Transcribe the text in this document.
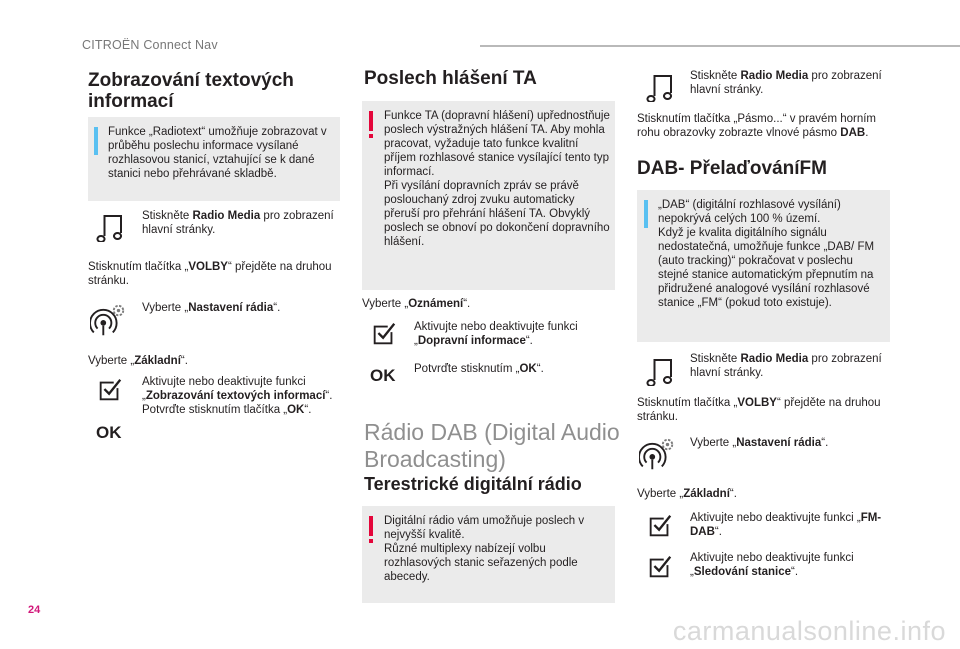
CITROËN Connect Nav
Zobrazování textových
informací
Funkce „Radiotext“ umožňuje zobrazovat v průběhu poslechu informace vysílané rozhlasovou stanicí, vztahující se k dané stanici nebo přehrávané skladbě.
Stiskněte Radio Media pro zobrazení hlavní stránky.
Stisknutím tlačítka „VOLBY“ přejděte na druhou stránku.
Vyberte „Nastavení rádia“.
Vyberte „Základní“.
Aktivujte nebo deaktivujte funkci „Zobrazování textových informací“.
Potvrďte stisknutím tlačítka „OK“.
OK
Poslech hlášení TA
Funkce TA (dopravní hlášení) upřednostňuje poslech výstražných hlášení TA. Aby mohla pracovat, vyžaduje tato funkce kvalitní příjem rozhlasové stanice vysílající tento typ informací.
Při vysílání dopravních zpráv se právě poslouchaný zdroj zvuku automaticky přeruší pro přehrání hlášení TA. Obvyklý poslech se obnoví po dokončení dopravního hlášení.
Vyberte „Oznámení“.
Aktivujte nebo deaktivujte funkci „Dopravní informace“.
OK Potvrďte stisknutím „OK“.
Rádio DAB (Digital Audio
Broadcasting)
Terestrické digitální rádio
Digitální rádio vám umožňuje poslech v nejvyšší kvalitě.
Různé multiplexy nabízejí volbu rozhlasových stanic seřazených podle abecedy.
Stiskněte Radio Media pro zobrazení hlavní stránky.
Stisknutím tlačítka „Pásmo...“ v pravém horním rohu obrazovky zobrazte vlnové pásmo DAB.
DAB- PřelaďováníFM
„DAB“ (digitální rozhlasové vysílání) nepokrývá celých 100 % území.
Když je kvalita digitálního signálu nedostatečná, umožňuje funkce „DAB/ FM (auto tracking)“ pokračovat v poslechu stejné stanice automatickým přepnutím na přidružené analogové vysílání rozhlasové stanice „FM“ (pokud toto existuje).
Stiskněte Radio Media pro zobrazení hlavní stránky.
Stisknutím tlačítka „VOLBY“ přejděte na druhou stránku.
Vyberte „Nastavení rádia“.
Vyberte „Základní“.
Aktivujte nebo deaktivujte funkci „FM-DAB“.
Aktivujte nebo deaktivujte funkci „Sledování stanice“.
24
carmanualsonline.info
